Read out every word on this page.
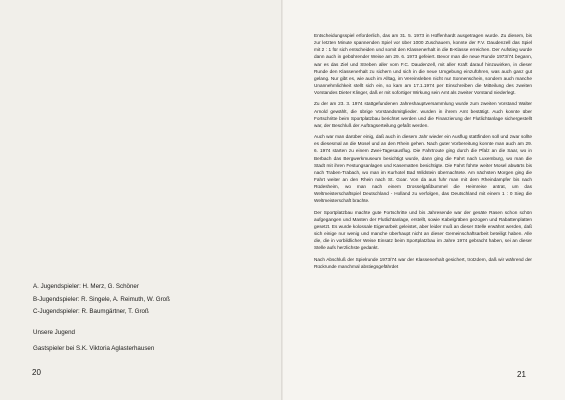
A. Jugendspieler: H. Merz, G. Schöner
B-Jugendspieler: R. Singele, A. Reimuth, W. Groß
C-Jugendspieler: R. Baumgärtner, T. Groß
Unsere Jugend
Gastspieler bei S.K. Viktoria Aglasterhausen
20

Entscheidungsspiel erforderlich, das am 31. 5. 1973 in Hüffenhardt ausgetragen wurde. Zu diesem, bis zur letzten Minute spannenden Spiel vor über 1000 Zuschauern, konnte der F.V. Daudenzell das Spiel mit 2 : 1 für sich entscheiden und somit den Klassenerhalt in die B-Klasse erreichen. Der Aufstieg wurde dann auch in gebührender Weise am 29. 6. 1973 gefeiert. Bevor man die neue Runde 1973/74 begann, war es das Ziel und Streben aller vom F.C. Daudenzell, mit aller Kraft darauf hinzuwirken, in dieser Runde den Klassenerhalt zu sichern und sich in die neue Umgebung einzuführen, was auch ganz gut gelang. Nur gibt es, wie auch im Alltag, im Vereinsleben nicht nur Sonnenschein, sondern auch manche Unannehmlichkeit stellt sich ein, so kam am 17.1.1974 per Einschreiben die Mitteilung des zweiten Vorstandes Dieter Klinger, daß er mit sofortiger Wirkung sein Amt als zweiter Vorstand niederlegt.

Zu der am 23. 3. 1974 stattgefundenen Jahreshauptversammlung wurde zum zweiten Vorstand Walter Arnold gewählt, die übrige Vorstandsmitglieder. wurden in ihrem Amt bestätigt. Auch konnte über Fortschritte beim Sportplatzbau berichtet werden und die Finanzierung der Flutlichtanlage sichergestellt war, der Beschluß der Auftragserteilung gefaßt werden.

Auch war man darüber einig, daß auch in diesem Jahr wieder ein Ausflug stattfinden soll und zwar sollte es diesesmal an die Mosel und an den Rhein gehen. Nach guter Vorbereitung konnte man auch am 29. 6. 1974 starten zu einem Zwei-Tagesausflug. Die Fahrtroute ging durch die Pfalz an die Saar, wo in Berbach das Bergwerkmuseum besichtigt wurde, dann ging die Fahrt nach Luxemburg, wo man die Stadt mit ihren Festungsanlagen und Kasematten besichtigte. Die Fahrt führte weiter Mosel abwärts bis nach Traben-Trabach, wo man im Kurhotel Bad Wildstein übernachtete. Am nächsten Morgen ging die Fahrt weiter an den Rhein nach St. Goar. Von da aus fuhr man mit dem Rheindampfer bis nach Rüdesheim, wo man nach einem Drosselgäßbummel die Heimreise antrat, um das Weltmeisterschaftspiel Deutschland - Holland zu verfolgen, das Deutschland mit einem 1 : 0 Sieg die Weltmeisterschaft brachte.

Der Sportplatzbau machte gute Fortschritte und bis Jahresende war der gesäte Rasen schon schön aufgegangen und Masten der Flutlichtanlage, erstellt, sowie Kabelgräben gezogen und Rabattenplatten gesetzt. Es wurde kolossale Eigenarbeit geleistet, aber leider muß an dieser Stelle erwähnt werden, daß sich einige nur wenig und manche überhaupt nicht an dieser Gemeinschaftsarbeit beteiligt haben. Alle die, die in vorbildlicher Weise Einsatz beim Sportplatzbau im Jahre 1974 gebracht haben, sei an dieser Stelle aufs herzlichste gedankt.

Nach Abschluß der Spielrunde 1973/74 war der Klassenerhalt gesichert, trotzdem, daß wir während der Rückrunde manchmal abstiegsgefährdet

21
